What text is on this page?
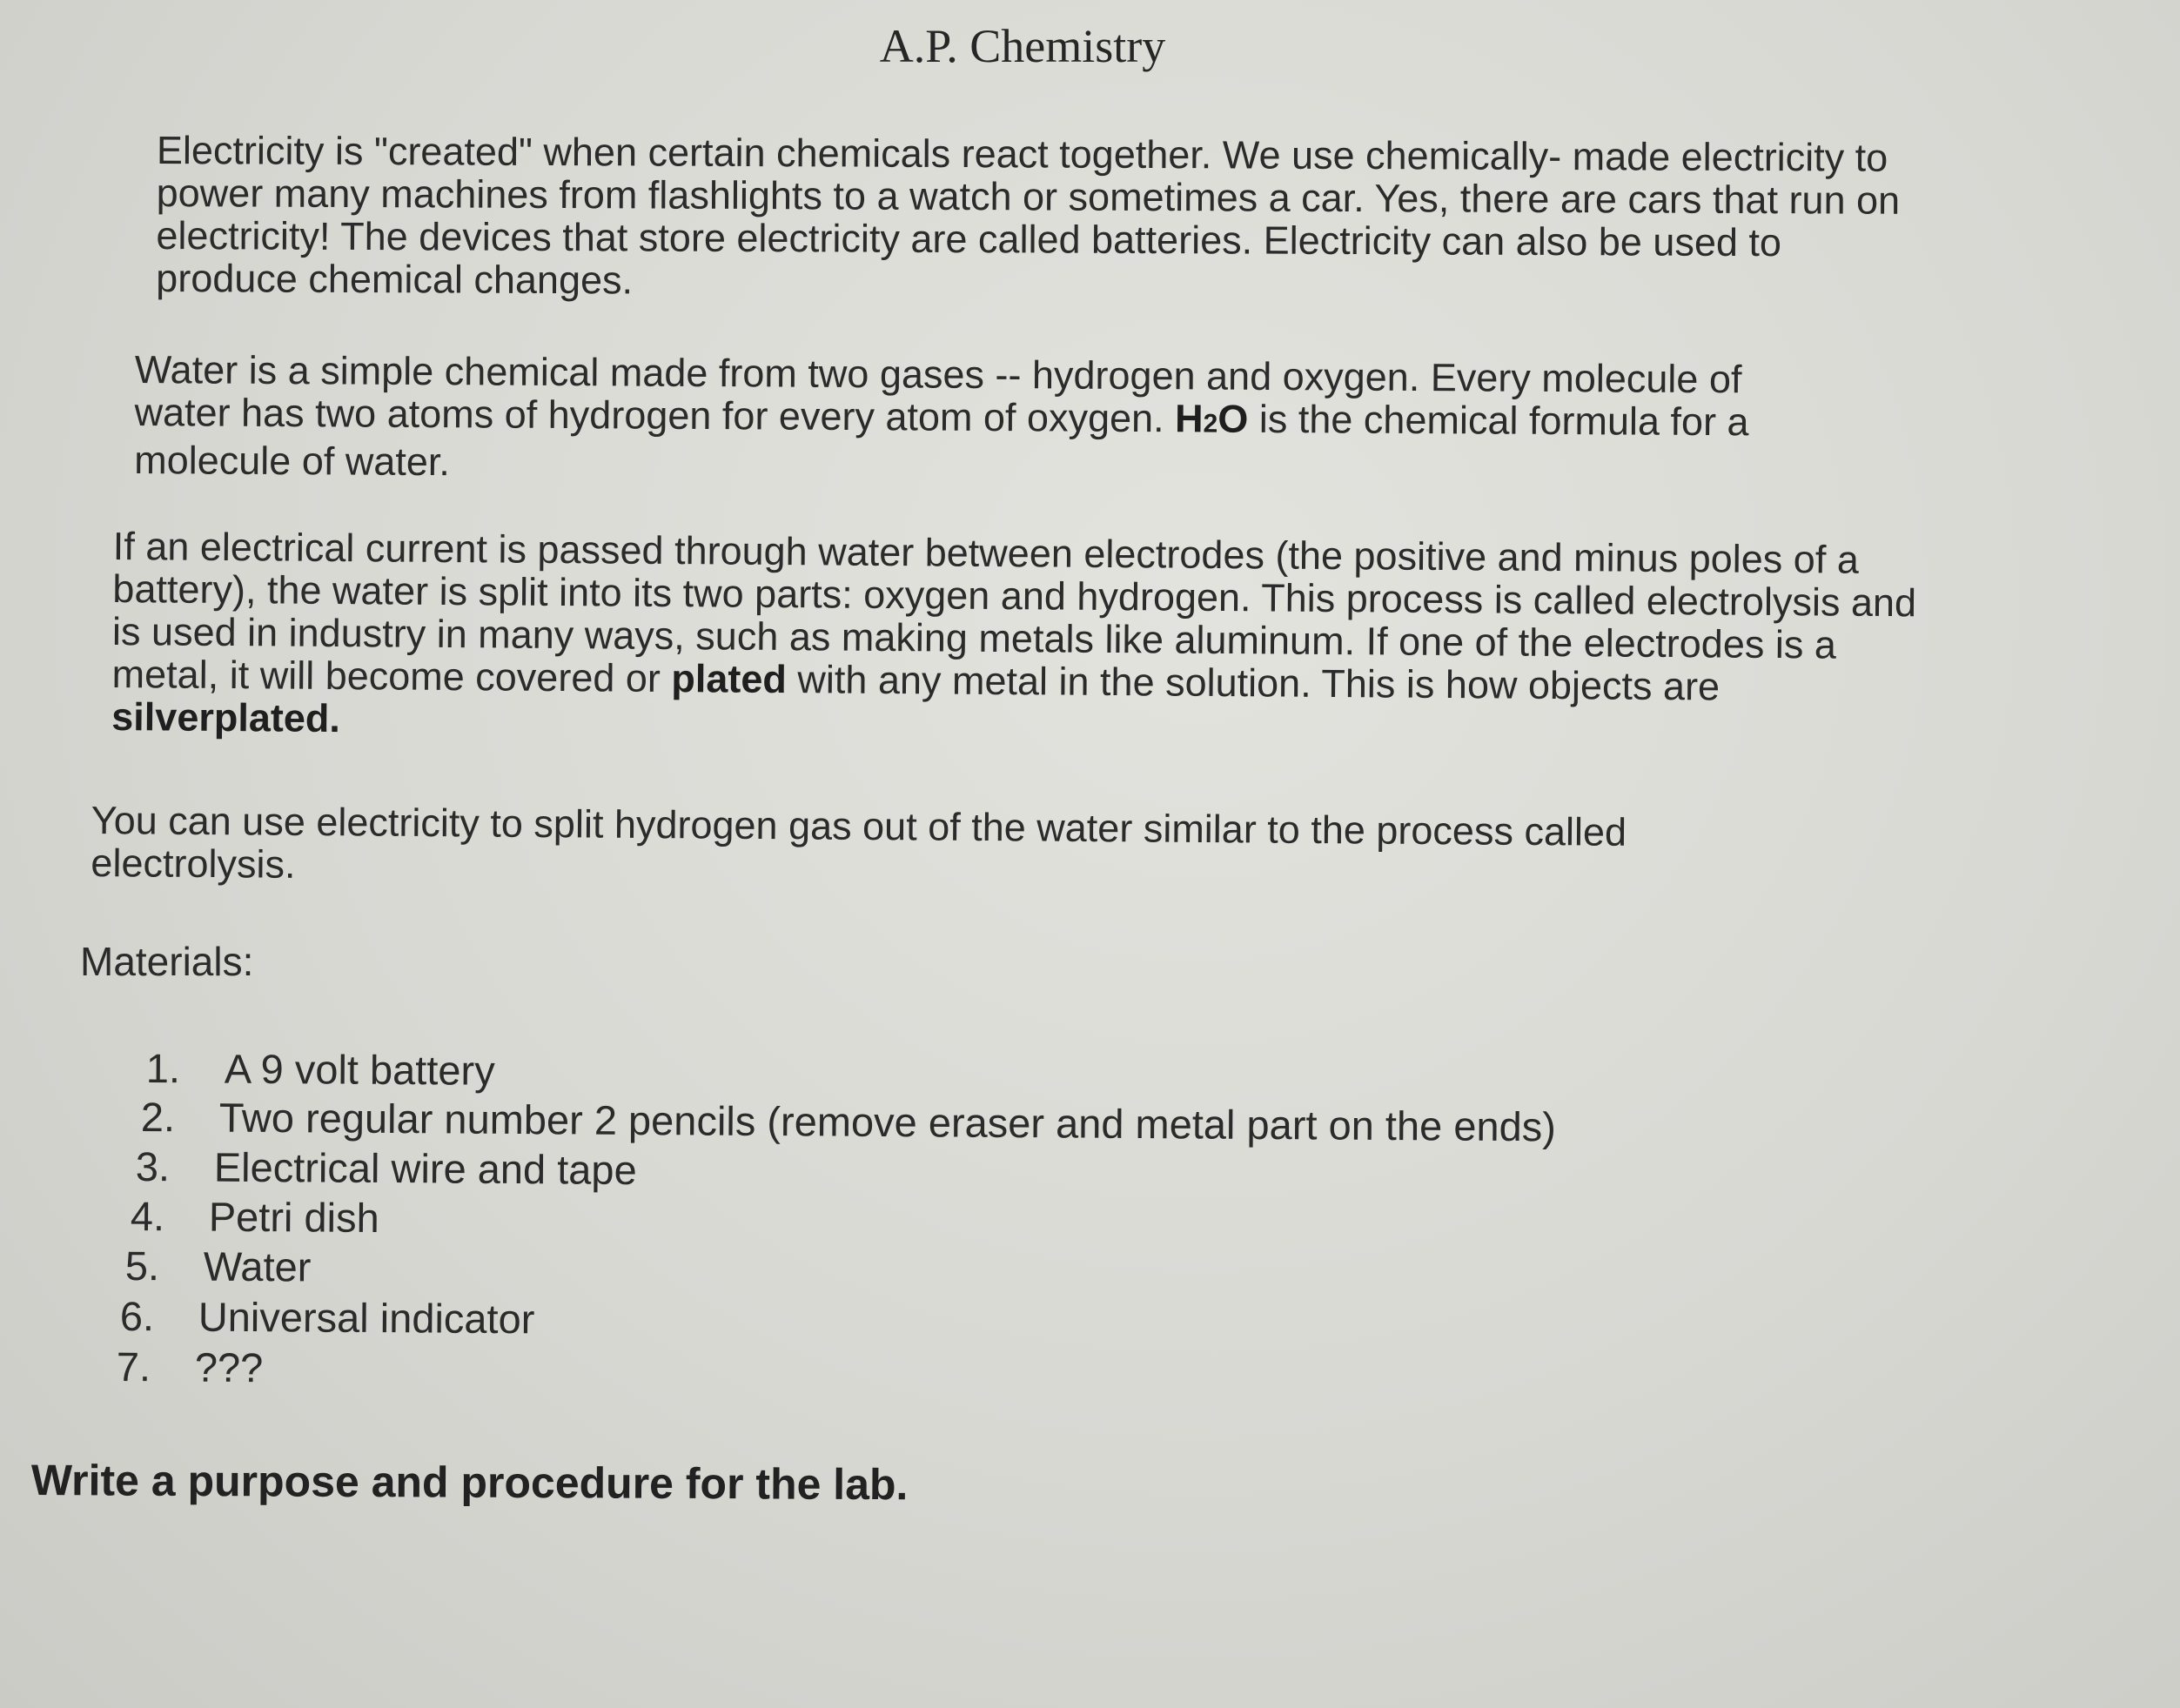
A.P. Chemistry

Electricity is "created" when certain chemicals react together. We use chemically- made electricity to power many machines from flashlights to a watch or sometimes a car. Yes, there are cars that run on electricity! The devices that store electricity are called batteries. Electricity can also be used to produce chemical changes.

Water is a simple chemical made from two gases -- hydrogen and oxygen. Every molecule of water has two atoms of hydrogen for every atom of oxygen. H2O is the chemical formula for a molecule of water.

If an electrical current is passed through water between electrodes (the positive and minus poles of a battery), the water is split into its two parts: oxygen and hydrogen. This process is called electrolysis and is used in industry in many ways, such as making metals like aluminum. If one of the electrodes is a metal, it will become covered or plated with any metal in the solution. This is how objects are silverplated.

You can use electricity to split hydrogen gas out of the water similar to the process called electrolysis.

Materials:
1. A 9 volt battery
2. Two regular number 2 pencils (remove eraser and metal part on the ends)
3. Electrical wire and tape
4. Petri dish
5. Water
6. Universal indicator
7. ???

Write a purpose and procedure for the lab.
